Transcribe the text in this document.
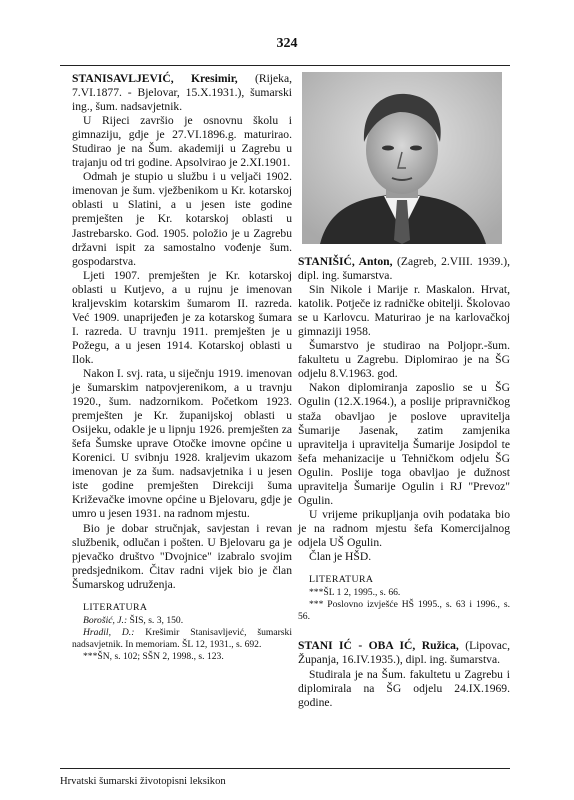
324

STANISAVLJEVIĆ, Kresimir, (Rijeka, 7.VI.1877. - Bjelovar, 15.X.1931.), šumarski ing., šum. nadsavjetnik.

U Rijeci završio je osnovnu školu i gimnaziju, gdje je 27.VI.1896.g. maturirao. Studirao je na Šum. akademiji u Zagrebu u trajanju od tri godine. Apsolvirao je 2.XI.1901.

Odmah je stupio u službu i u veljači 1902. imenovan je šum. vježbenikom u Kr. kotarskoj oblasti u Slatini, a u jesen iste godine premješten je Kr. kotarskoj oblasti u Jastrebarsko. God. 1905. položio je u Zagrebu državni ispit za samostalno vođenje šum. gospodarstva.

Ljeti 1907. premješten je Kr. kotarskoj oblasti u Kutjevo, a u rujnu je imenovan kraljevskim kotarskim šumarom II. razreda. Već 1909. unaprijeđen je za kotarskog šumara I. razreda. U travnju 1911. premješten je u Požegu, a u jesen 1914. Kotarskoj oblasti u Ilok.

Nakon I. svj. rata, u siječnju 1919. imenovan je šumarskim natpovjerenikom, a u travnju 1920., šum. nadzornikom. Početkom 1923. premješten je Kr. županijskoj oblasti u Osijeku, odakle je u lipnju 1926. premješten za šefa Šumske uprave Otočke imovne općine u Korenici. U svibnju 1928. kraljevim ukazom imenovan je za šum. nadsavjetnika i u jesen iste godine premješten Direkciji šuma Križevačke imovne općine u Bjelovaru, gdje je umro u jesen 1931. na radnom mjestu.

Bio je dobar stručnjak, savjestan i revan službenik, odlučan i pošten. U Bjelovaru ga je pjevačko društvo "Dvojnice" izabralo svojim predsjednikom. Čitav radni vijek bio je član Šumarskog udruženja.

LITERATURA

Borošić, J.: ŠIS, s. 3, 150.

Hradil, D.: Krešimir Stanisavljević, šumarski nadsavjetnik. In memoriam. ŠL 12, 1931., s. 692.

***ŠN, s. 102; SŠN 2, 1998., s. 123.

STANIŠIĆ, Anton, (Zagreb, 2.VIII. 1939.), dipl. ing. šumarstva.

Sin Nikole i Marije r. Maskalon. Hrvat, katolik. Potječe iz radničke obitelji. Školovao se u Karlovcu. Maturirao je na karlovačkoj gimnaziji 1958.

Šumarstvo je studirao na Poljopr.-šum. fakultetu u Zagrebu. Diplomirao je na ŠG odjelu 8.V.1963. god.

Nakon diplomiranja zaposlio se u ŠG Ogulin (12.X.1964.), a poslije pripravničkog staža obavljao je poslove upravitelja Šumarije Jasenak, zatim zamjenika upravitelja i upravitelja Šumarije Josipdol te šefa mehanizacije u Tehničkom odjelu ŠG Ogulin. Poslije toga obavljao je dužnost upravitelja Šumarije Ogulin i RJ "Prevoz" Ogulin.

U vrijeme prikupljanja ovih podataka bio je na radnom mjestu šefa Komercijalnog odjela UŠ Ogulin.

Član je HŠD.

LITERATURA

***ŠL 1 2, 1995., s. 66.

*** Poslovno izvješće HŠ 1995., s. 63 i 1996., s. 56.

STANI IĆ - OBA IĆ, Ružica, (Lipovac, Županja, 16.IV.1935.), dipl. ing. šumarstva.

Studirala je na Šum. fakultetu u Zagrebu i diplomirala na ŠG odjelu 24.IX.1969. godine.

Hrvatski šumarski životopisni leksikon
